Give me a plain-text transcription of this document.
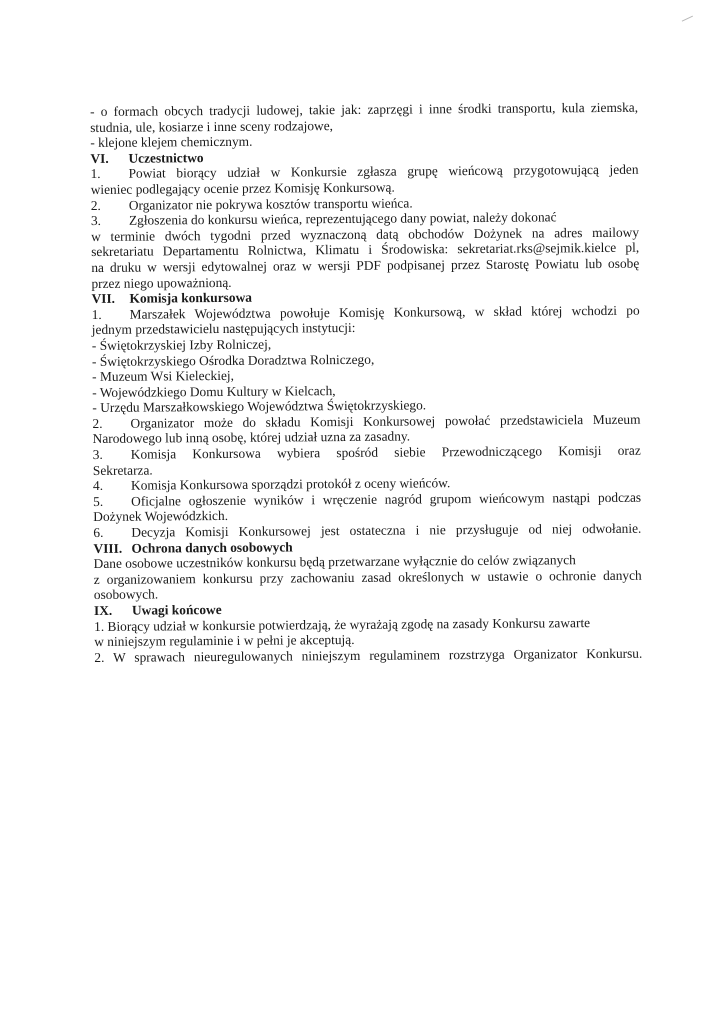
- o formach obcych tradycji ludowej, takie jak: zaprzęgi i inne środki transportu, kula ziemska,
studnia, ule, kosiarze i inne sceny rodzajowe,
- klejone klejem chemicznym.
VI. Uczestnictwo
1.	Powiat biorący udział w Konkursie zgłasza grupę wieńcową przygotowującą jeden
wieniec podlegający ocenie przez Komisję Konkursową.
2. Organizator nie pokrywa kosztów transportu wieńca.
3. Zgłoszenia do konkursu wieńca, reprezentującego dany powiat, należy dokonać
w terminie dwóch tygodni przed wyznaczoną datą obchodów Dożynek na adres mailowy
sekretariatu Departamentu Rolnictwa, Klimatu i Środowiska: sekretariat.rks@sejmik.kielce pl,
na druku w wersji edytowalnej oraz w wersji PDF podpisanej przez Starostę Powiatu lub osobę
przez niego upoważnioną.
VII. Komisja konkursowa
1.	Marszałek Województwa powołuje Komisję Konkursową, w skład której wchodzi po
jednym przedstawicielu następujących instytucji:
- Świętokrzyskiej Izby Rolniczej,
- Świętokrzyskiego Ośrodka Doradztwa Rolniczego,
- Muzeum Wsi Kieleckiej,
- Wojewódzkiego Domu Kultury w Kielcach,
- Urzędu Marszałkowskiego Województwa Świętokrzyskiego.
2.	Organizator może do składu Komisji Konkursowej powołać przedstawiciela Muzeum
Narodowego lub inną osobę, której udział uzna za zasadny.
3.	Komisja Konkursowa wybiera spośród siebie Przewodniczącego Komisji oraz
Sekretarza.
4. Komisja Konkursowa sporządzi protokół z oceny wieńców.
5.	Oficjalne ogłoszenie wyników i wręczenie nagród grupom wieńcowym nastąpi podczas
Dożynek Wojewódzkich.
6.	Decyzja Komisji Konkursowej jest ostateczna i nie przysługuje od niej odwołanie.
VIII. Ochrona danych osobowych
Dane osobowe uczestników konkursu będą przetwarzane wyłącznie do celów związanych
z organizowaniem konkursu przy zachowaniu zasad określonych w ustawie o ochronie danych
osobowych.
IX. Uwagi końcowe
1. Biorący udział w konkursie potwierdzają, że wyrażają zgodę na zasady Konkursu zawarte
w niniejszym regulaminie i w pełni je akceptują.
2. W sprawach nieuregulowanych niniejszym regulaminem rozstrzyga Organizator Konkursu.
